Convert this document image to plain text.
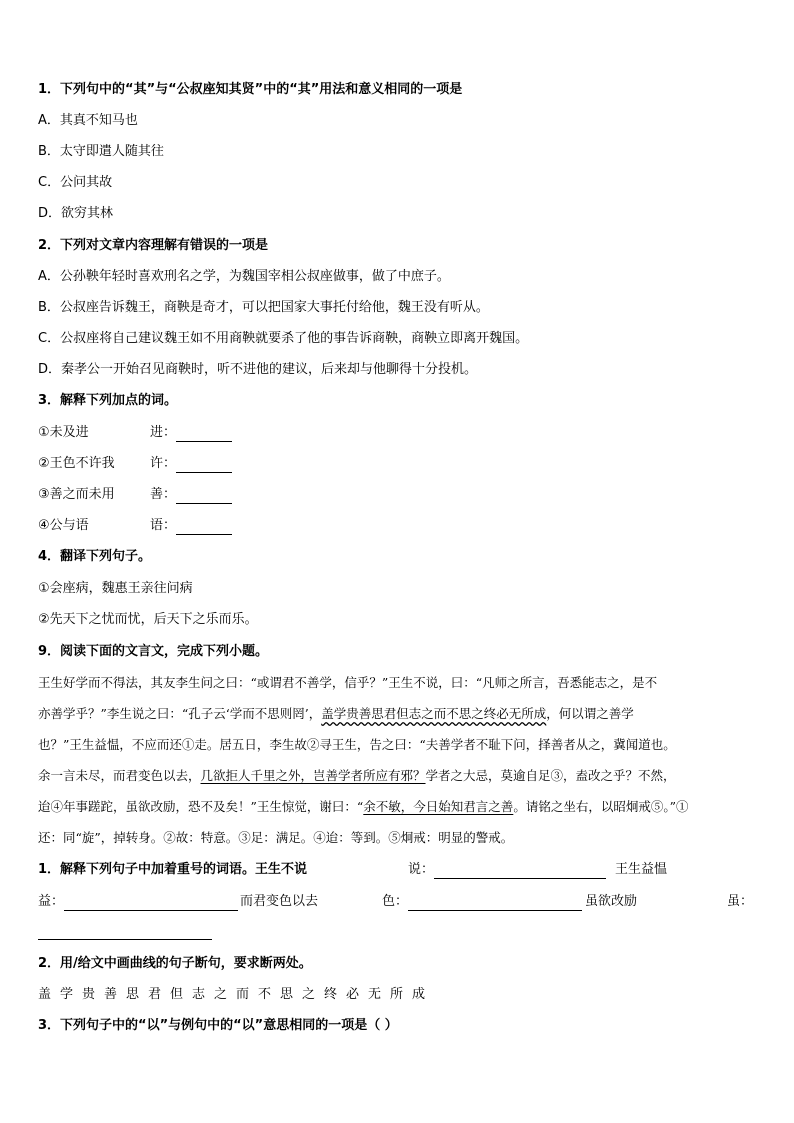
1．下列句中的“其”与“公叔座知其贤”中的“其”用法和意义相同的一项是
A．其真不知马也
B．太守即遣人随其往
C．公问其故
D．欲穷其林
2．下列对文章内容理解有错误的一项是
A．公孙鞅年轻时喜欢刑名之学，为魏国宰相公叔座做事，做了中庶子。
B．公叔座告诉魏王，商鞅是奇才，可以把国家大事托付给他，魏王没有听从。
C．公叔座将自己建议魏王如不用商鞅就要杀了他的事告诉商鞅，商鞅立即离开魏国。
D．秦孝公一开始召见商鞅时，听不进他的建议，后来却与他聊得十分投机。
3．解释下列加点的词。
①未及进	进：
②王色不许我	许：
③善之而未用	善：
④公与语	语：
4．翻译下列句子。
①会座病，魏惠王亲往问病
②先天下之忧而忧，后天下之乐而乐。
9．阅读下面的文言文，完成下列小题。
王生好学而不得法，其友李生问之曰：“或谓君不善学，信乎？”王生不说，曰：“凡师之所言，吾悉能志之，是不
亦善学乎？”李生说之曰：“孔子云‘学而不思则罔’，盖学贵善思君但志之而不思之终必无所成，何以谓之善学
也？”王生益愠，不应而还①走。居五日，李生故②寻王生，告之曰：“夫善学者不耻下问，择善者从之，冀闻道也。
余一言未尽，而君变色以去，几欲拒人千里之外，岂善学者所应有邪？学者之大忌，莫逾自足③，盍改之乎？不然，
迨④年事蹉跎，虽欲改励，恐不及矣！”王生惊觉，谢曰：“余不敏，今日始知君言之善。请铭之坐右，以昭炯戒⑤。”①
还：同“旋”，掉转身。②故：特意。③足：满足。④迨：等到。⑤炯戒：明显的警戒。
1．解释下列句子中加着重号的词语。王生不说	说：	王生益愠
益：	而君变色以去	色：	虽欲改励	虽：
2．用/给文中画曲线的句子断句，要求断两处。
盖学贵善思君但志之而不思之终必无所成
3．下列句子中的“以”与例句中的“以”意思相同的一项是（ ）
